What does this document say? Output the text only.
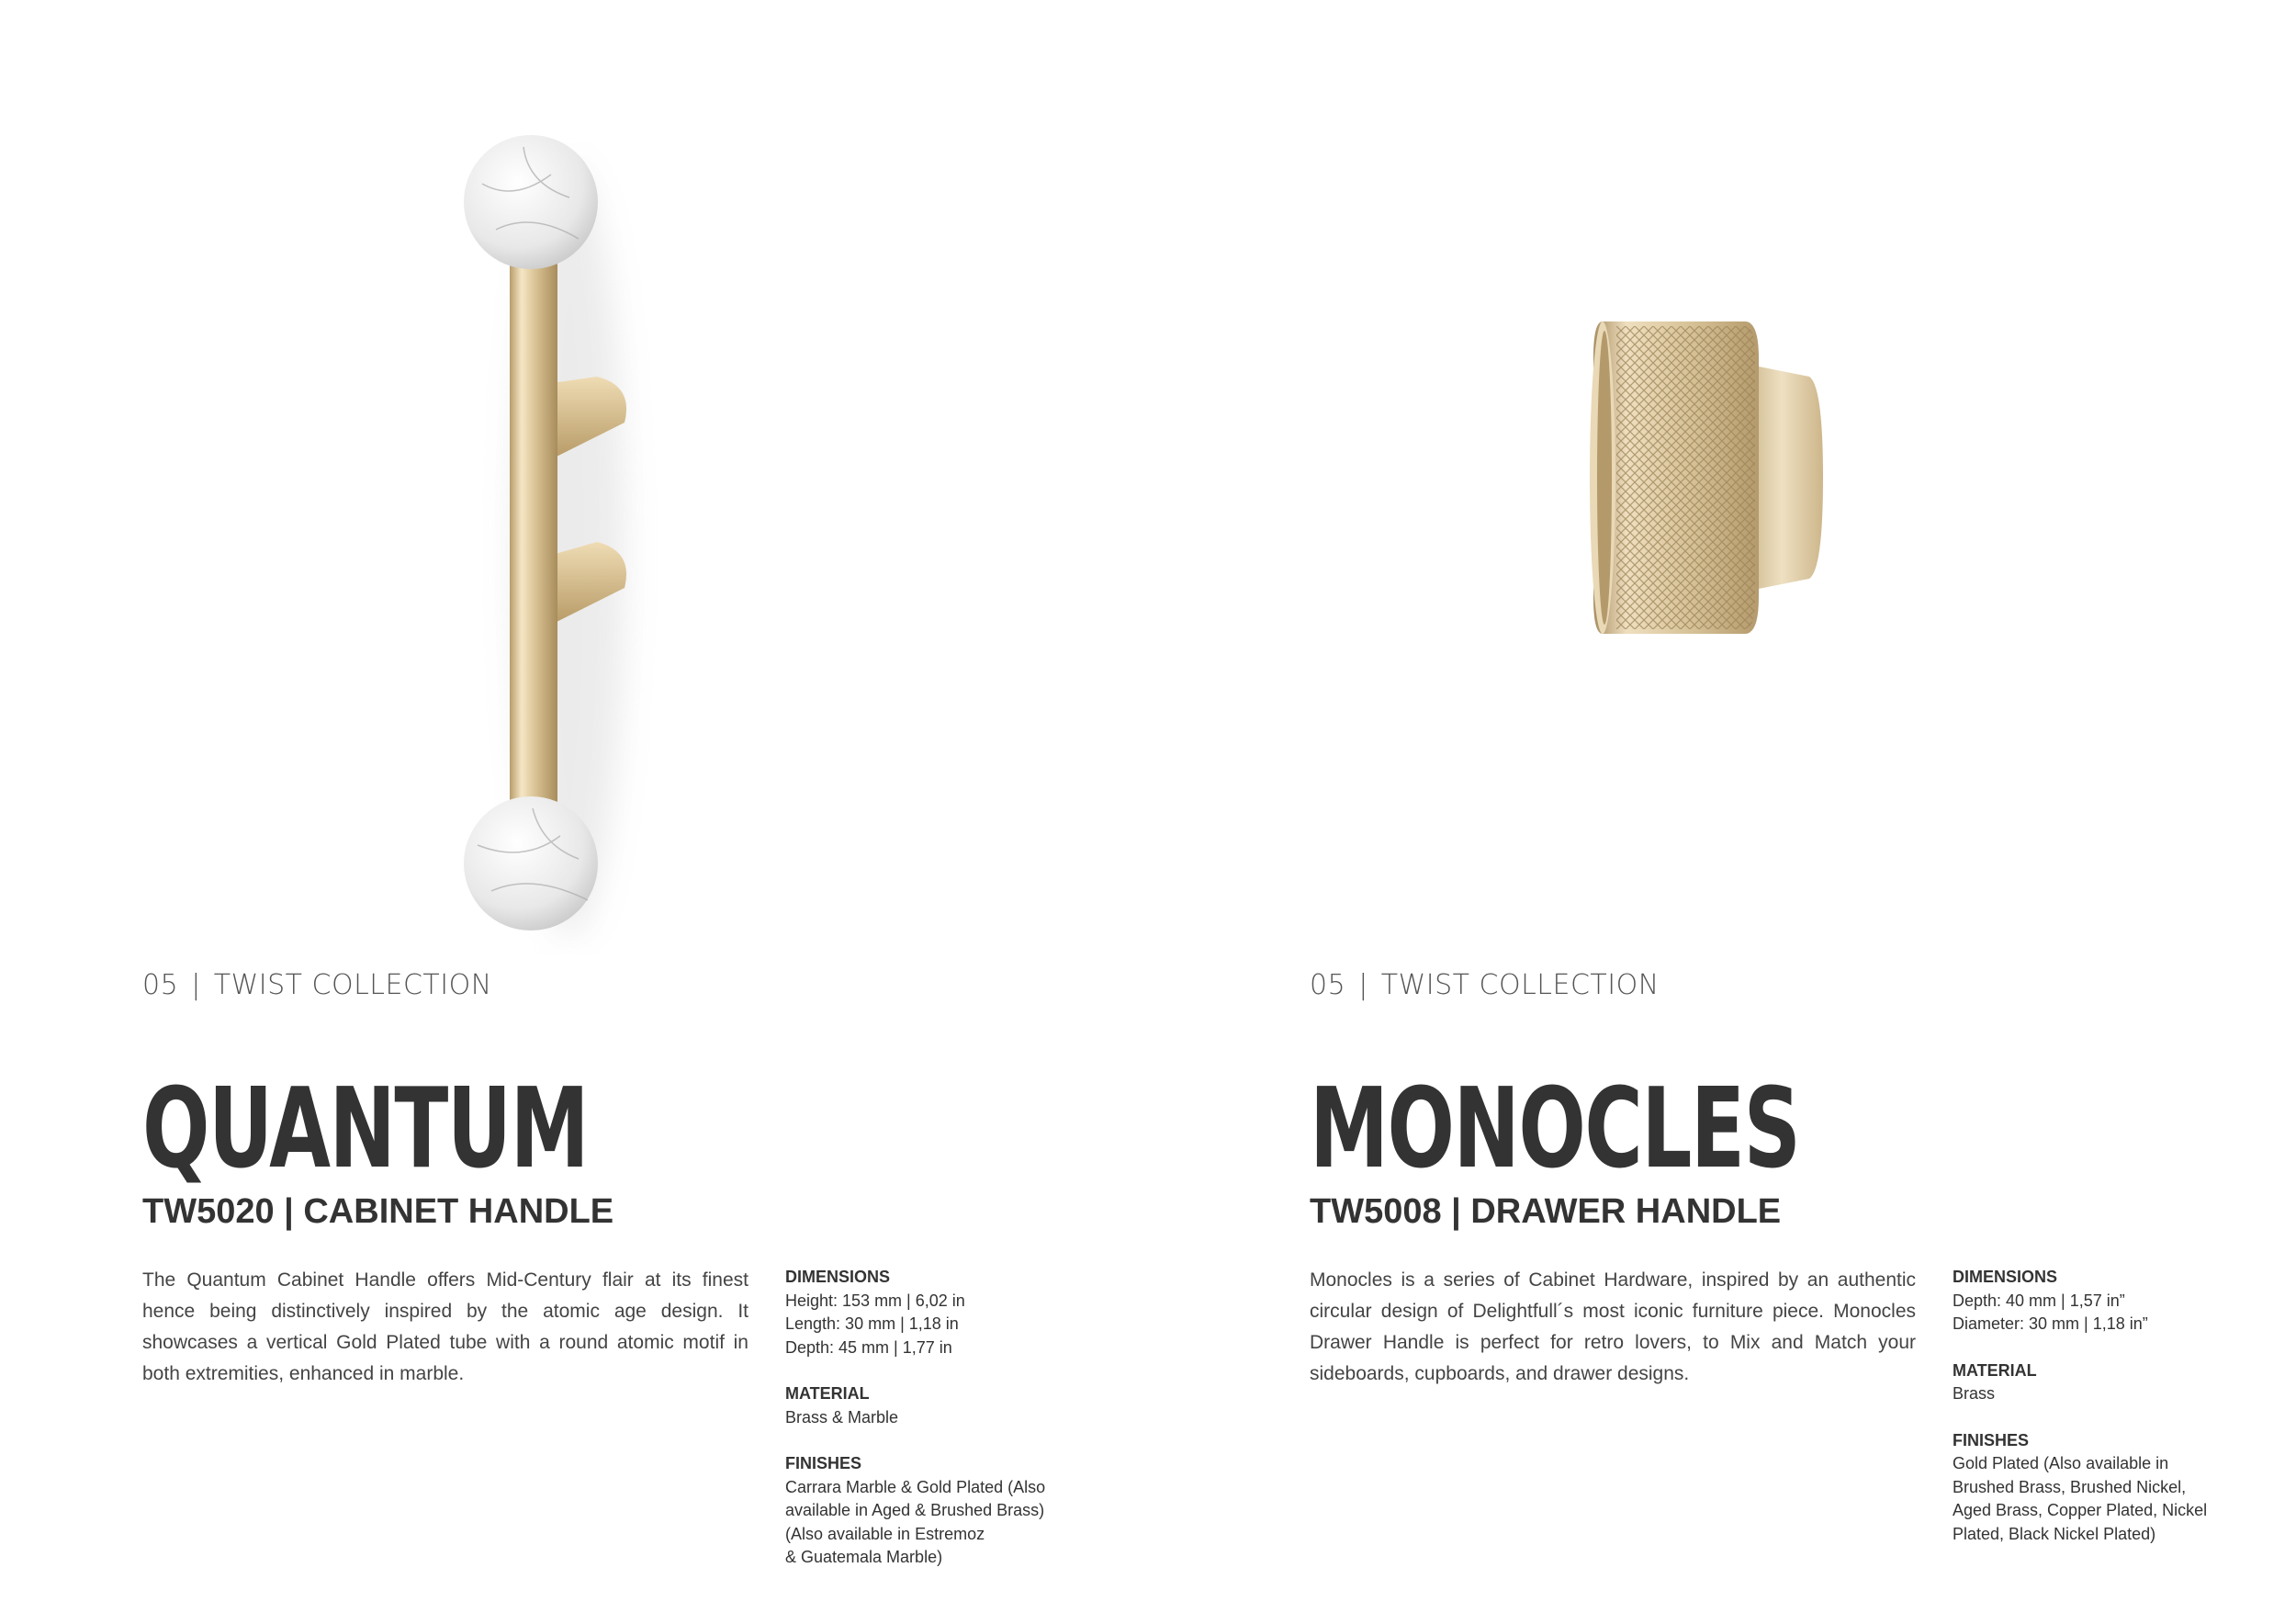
05 | TWIST COLLECTION
QUANTUM
TW5020 | CABINET HANDLE
The Quantum Cabinet Handle offers Mid-Century flair at its finest hence being distinctively inspired by the atomic age design. It showcases a vertical Gold Plated tube with a round atomic motif in both extremities, enhanced in marble.
DIMENSIONS
Height: 153 mm | 6,02 in
Length: 30 mm | 1,18 in
Depth: 45 mm | 1,77 in
MATERIAL
Brass & Marble
FINISHES
Carrara Marble & Gold Plated (Also
available in Aged & Brushed Brass)
(Also available in Estremoz
& Guatemala Marble)
05 | TWIST COLLECTION
MONOCLES
TW5008 | DRAWER HANDLE
Monocles is a series of Cabinet Hardware, inspired by an authentic circular design of Delightfull´s most iconic furniture piece. Monocles Drawer Handle is perfect for retro lovers, to Mix and Match your sideboards, cupboards, and drawer designs.
DIMENSIONS
Depth: 40 mm | 1,57 in”
Diameter: 30 mm | 1,18 in”
MATERIAL
Brass
FINISHES
Gold Plated (Also available in
Brushed Brass, Brushed Nickel,
Aged Brass, Copper Plated, Nickel
Plated, Black Nickel Plated)
